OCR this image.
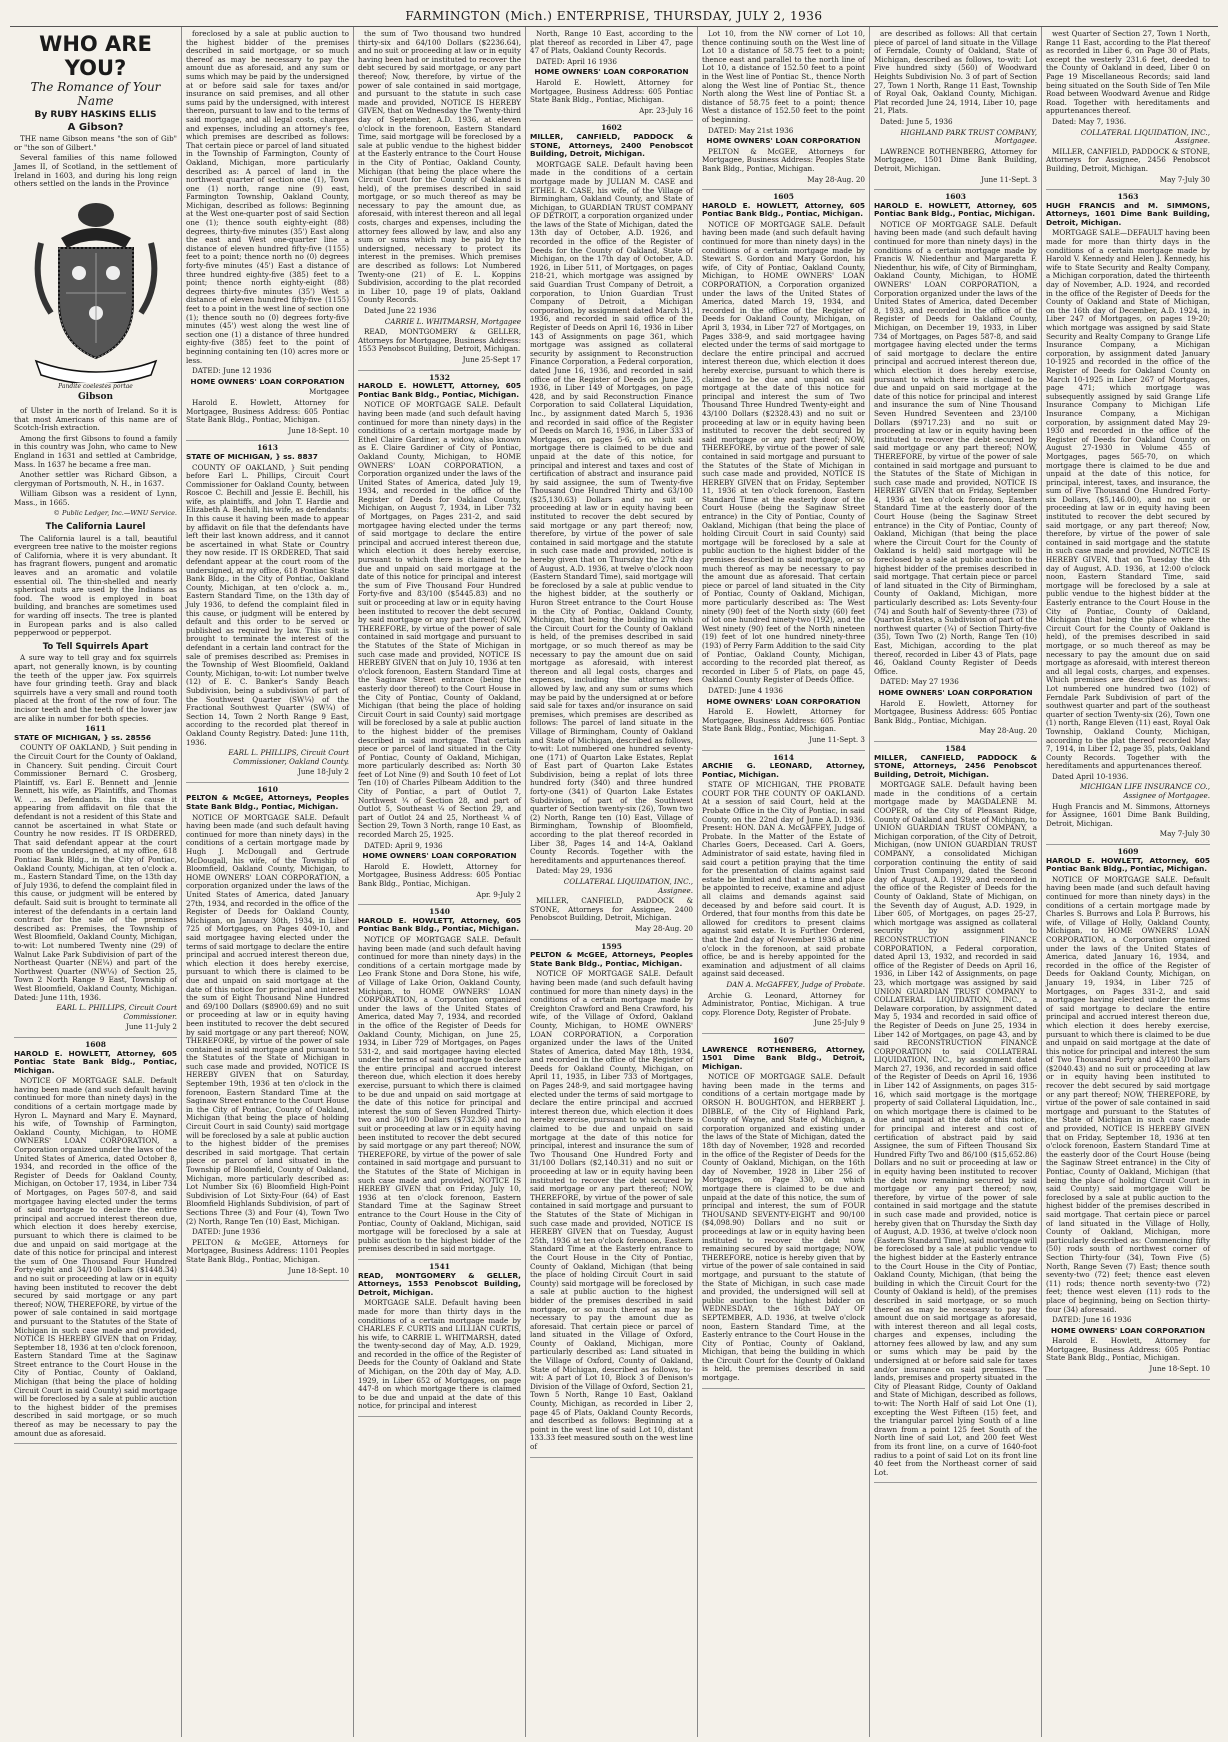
FARMINGTON (Mich.) ENTERPRISE, THURSDAY, JULY 2, 1936
WHO ARE YOU?
The Romance of Your Name
By RUBY HASKINS ELLIS
A Gibson?

THE name Gibson means "the son of Gib" or "the son of Gilbert."

Several families of this name followed James II, of Scotland, in the settlement of Ireland in 1603, and during his long reign others settled on the lands in the Province

Pandite coelestes portae
Gibson

of Ulster in the north of Ireland. So it is that most Americans of this name are of Scotch-Irish extraction.

Among the first Gibsons to found a family in this country was John, who came to New England in 1631 and settled at Cambridge, Mass. In 1637 he became a free man.

Another settler was Richard Gibson, a clergyman of Portsmouth, N. H., in 1637.

William Gibson was a resident of Lynn, Mass., in 1665.

© Public Ledger, Inc.—WNU Service.
The California Laurel

The California laurel is a tall, beautiful evergreen tree native to the moister regions of California, where it is very abundant. It has fragrant flowers, pungent and aromatic leaves and an aromatic and volatile essential oil. The thin-shelled and nearly spherical nuts are used by the Indians as food. The wood is employed in boat building, and branches are sometimes used for warding off insects. The tree is planted in European parks and is also called pepperwood or pepperpot.

To Tell Squirrels Apart

A sure way to tell gray and fox squirrels apart, not generally known, is by counting the teeth of the upper jaw. Fox squirrels have four grinding teeth. Gray and black squirrels have a very small and round tooth placed at the front of the row of four. The incisor teeth and the teeth of the lower jaw are alike in number for both species.

1611

STATE OF MICHIGAN, } ss. 28556

COUNTY OF OAKLAND, } Suit pending in the Circuit Court for the County of Oakland, in Chancery. Suit pending. Circuit Court Commissioner Bernard C. Grosberg, Plaintiff, vs. Earl E. Bennett and Jennie Bennett, his wife, as Plaintiffs, and Thomas W. ... as Defendants. In this cause it appearing from affidavit on file that the defendant is not a resident of this State and cannot be ascertained in what State or Country he now resides. IT IS ORDERED, That said defendant appear at the court room of the undersigned, at my office, 618 Pontiac Bank Bldg., in the City of Pontiac, Oakland County, Michigan, at ten o'clock a. m., Eastern Standard Time, on the 13th day of July 1936, to defend the complaint filed in this cause, or judgment will be entered by default. Said suit is brought to terminate all interest of the defendants in a certain land contract for the sale of the premises described as: Premises, the Township of West Bloomfield, Oakland County, Michigan, to-wit: Lot numbered Twenty nine (29) of Walnut Lake Park Subdivision of part of the Northeast Quarter (NE¼) and part of the Northwest Quarter (NW¼) of Section 25, Town 2 North Range 9 East, Township of West Bloomfield, Oakland County, Michigan. Dated: June 11th, 1936.

EARL L. PHILLIPS, Circuit Court Commissioner.

June 11-July 2

1608

HAROLD E. HOWLETT, Attorney, 605 Pontiac State Bank Bldg., Pontiac, Michigan.

NOTICE OF MORTGAGE SALE. Default having been made (and such default having continued for more than ninety days) in the conditions of a certain mortgage made by Hyron L. Maynard and Mary E. Maynard, his wife, of Township of Farmington, Oakland County, Michigan, to HOME OWNERS' LOAN CORPORATION, a Corporation organized under the laws of the United States of America, dated October 8, 1934, and recorded in the office of the Register of Deeds for Oakland County, Michigan, on October 17, 1934, in Liber 734 of Mortgages, on Pages 507-8, and said mortgagee having elected under the terms of said mortgage to declare the entire principal and accrued interest thereon due, which election it does hereby exercise, pursuant to which there is claimed to be due and unpaid on said mortgage at the date of this notice for principal and interest the sum of One Thousand Four Hundred Forty-eight and 34/100 Dollars ($1448.34) and no suit or proceeding at law or in equity having been instituted to recover the debt secured by said mortgage or any part thereof; NOW, THEREFORE, by virtue of the power of sale contained in said mortgage and pursuant to the Statutes of the State of Michigan in such case made and provided, NOTICE IS HEREBY GIVEN that on Friday, September 18, 1936 at ten o'clock forenoon, Eastern Standard Time at the Saginaw Street entrance to the Court House in the City of Pontiac, County of Oakland, Michigan (that being the place of holding Circuit Court in said County) said mortgage will be foreclosed by a sale at public auction to the highest bidder of the premises described in said mortgage, or so much thereof as may be necessary to pay the amount due as aforesaid.

foreclosed by a sale at public auction to the highest bidder of the premises described in said mortgage, or so much thereof as may be necessary to pay the amount due as aforesaid, and any sum or sums which may be paid by the undersigned at or before said sale for taxes and/or insurance on said premises, and all other sums paid by the undersigned, with interest thereon, pursuant to law and to the terms of said mortgage, and all legal costs, charges and expenses, including an attorney's fee, which premises are described as follows: That certain piece or parcel of land situated in the Township of Farmington, County of Oakland, Michigan, more particularly described as: A parcel of land in the northwest quarter of section one (1), Town one (1) north, range nine (9) east, Farmington Township, Oakland County, Michigan, described as follows: Beginning at the West one-quarter post of said Section one (1); thence south eighty-eight (88) degrees, thirty-five minutes (35') East along the east and West one-quarter line a distance of eleven hundred fifty-five (1155) feet to a point; thence north no (0) degrees forty-five minutes (45') East a distance of three hundred eighty-five (385) feet to a point; thence north eighty-eight (88) degrees thirty-five minutes (35') West a distance of eleven hundred fifty-five (1155) feet to a point in the west line of section one (1); thence south no (0) degrees forty-five minutes (45') west along the west line of section one (1) a distance of three hundred eighty-five (385) feet to the point of beginning containing ten (10) acres more or less.

DATED: June 12 1936

HOME OWNERS' LOAN CORPORATION

Mortgagee

Harold E. Howlett, Attorney for Mortgagee, Business Address: 605 Pontiac State Bank Bldg., Pontiac, Michigan.

June 18-Sept. 10

1613

STATE OF MICHIGAN, } ss. 8837

COUNTY OF OAKLAND, } Suit pending before Earl L. Phillips, Circuit Court Commissioner for Oakland County, between Roscoe C. Bechill and Jessie E. Bechill, his wife, as plaintiffs, and John T. Hardie and Elizabeth A. Bechill, his wife, as defendants: In this cause it having been made to appear by affidavit on file that the defendants have left their last known address, and it cannot be ascertained in what State or Country they now reside. IT IS ORDERED, That said defendant appear at the court room of the undersigned, at my office, 618 Pontiac State Bank Bldg., in the City of Pontiac, Oakland County, Michigan, at ten o'clock a. m., Eastern Standard Time, on the 13th day of July 1936, to defend the complaint filed in this cause, or judgment will be entered by default and this order to be served or published as required by law. This suit is brought to terminate the interest of the defendant in a certain land contract for the sale of premises described as: Premises in the Township of West Bloomfield, Oakland County, Michigan, to-wit: Lot number twelve (12) of E. C. Banker's Sandy Beach Subdivision, being a subdivision of part of the Southwest Quarter (SW¼) of the Fractional Southwest Quarter (SW¼) of Section 14, Town 2 North Range 9 East, according to the recorded plat thereof in Oakland County Registry. Dated: June 11th, 1936.

EARL L. PHILLIPS, Circuit Court Commissioner, Oakland County.

June 18-July 2

1610

PELTON & McGEE, Attorneys, Peoples State Bank Bldg., Pontiac, Michigan.

NOTICE OF MORTGAGE SALE. Default having been made (and such default having continued for more than ninety days) in the conditions of a certain mortgage made by Hugh J. McDougall and Gertrude McDougall, his wife, of the Township of Bloomfield, Oakland County, Michigan, to HOME OWNERS' LOAN CORPORATION, a corporation organized under the laws of the United States of America, dated January 27th, 1934, and recorded in the office of the Register of Deeds for Oakland County, Michigan, on January 30th, 1934, in Liber 725 of Mortgages, on Pages 409-10, and said mortgagee having elected under the terms of said mortgage to declare the entire principal and accrued interest thereon due, which election it does hereby exercise, pursuant to which there is claimed to be due and unpaid on said mortgage at the date of this notice for principal and interest the sum of Eight Thousand Nine Hundred and 69/100 Dollars ($8900.69) and no suit or proceeding at law or in equity having been instituted to recover the debt secured by said mortgage or any part thereof; NOW, THEREFORE, by virtue of the power of sale contained in said mortgage and pursuant to the Statutes of the State of Michigan in such case made and provided, NOTICE IS HEREBY GIVEN that on Saturday, September 19th, 1936 at ten o'clock in the forenoon, Eastern Standard Time at the Saginaw Street entrance to the Court House in the City of Pontiac, County of Oakland, Michigan (that being the place of holding Circuit Court in said County) said mortgage will be foreclosed by a sale at public auction to the highest bidder of the premises described in said mortgage. That certain piece or parcel of land situated in the Township of Bloomfield, County of Oakland, Michigan, more particularly described as: Lot Number Six (6) Bloomfield High-Point Subdivision of Lot Sixty-Four (64) of East Bloomfield Highlands Subdivision, of part of Sections Three (3) and Four (4), Town Two (2) North, Range Ten (10) East, Michigan.

DATED: June 1936

PELTON & McGEE, Attorneys for Mortgagee, Business Address: 1101 Peoples State Bank Bldg., Pontiac, Michigan.

June 18-Sept. 10

the sum of Two thousand two hundred thirty-six and 64/100 Dollars ($2236.64), and no suit or proceeding at law or in equity having been had or instituted to recover the debt secured by said mortgage, or any part thereof; Now, therefore, by virtue of the power of sale contained in said mortgage, and pursuant to the statute in such case made and provided, NOTICE IS HEREBY GIVEN, that on Wednesday the Twenty-third day of September, A.D. 1936, at eleven o'clock in the forenoon, Eastern Standard Time, said mortgage will be foreclosed by a sale at public vendue to the highest bidder at the Easterly entrance to the Court House in the City of Pontiac, Oakland County, Michigan (that being the place where the Circuit Court for the County of Oakland is held), of the premises described in said mortgage, or so much thereof as may be necessary to pay the amount due, as aforesaid, with interest thereon and all legal costs, charges and expenses, including the attorney fees allowed by law, and also any sum or sums which may be paid by the undersigned, necessary to protect its interest in the premises. Which premises are described as follows: Lot Numbered Twenty-one (21) of E. L. Koppins Subdivision, according to the plat recorded in Liber 10, page 19 of plats, Oakland County Records.

Dated June 22 1936

CARRIE L. WHITMARSH, Mortgagee

READ, MONTGOMERY & GELLER, Attorneys for Mortgagee, Business Address: 1553 Penobscot Building, Detroit, Michigan.

June 25-Sept 17

1532

HAROLD E. HOWLETT, Attorney, 605 Pontiac Bank Bldg., Pontiac, Michigan.

NOTICE OF MORTGAGE SALE. Default having been made (and such default having continued for more than ninety days) in the conditions of a certain mortgage made by Ethel Claire Gardiner, a widow, also known as E. Claire Gardiner of City of Pontiac, Oakland County, Michigan, to HOME OWNERS' LOAN CORPORATION, a Corporation organized under the laws of the United States of America, dated July 19, 1934, and recorded in the office of the Register of Deeds for Oakland County, Michigan, on August 7, 1934, in Liber 732 of Mortgages, on Pages 231-2, and said mortgagee having elected under the terms of said mortgage to declare the entire principal and accrued interest thereon due, which election it does hereby exercise, pursuant to which there is claimed to be due and unpaid on said mortgage at the date of this notice for principal and interest the sum of Five Thousand Four Hundred Forty-five and 83/100 ($5445.83) and no suit or proceeding at law or in equity having been instituted to recover the debt secured by said mortgage or any part thereof; NOW, THEREFORE, by virtue of the power of sale contained in said mortgage and pursuant to the Statutes of the State of Michigan in such case made and provided, NOTICE IS HEREBY GIVEN that on July 10, 1936 at ten o'clock forenoon, Eastern Standard Time at the Saginaw Street entrance (being the easterly door thereof) to the Court House in the City of Pontiac, County of Oakland, Michigan (that being the place of holding Circuit Court in said County) said mortgage will be foreclosed by a sale at public auction to the highest bidder of the premises described in said mortgage. That certain piece or parcel of land situated in the City of Pontiac, County of Oakland, Michigan, more particularly described as: North 30 feet of Lot Nine (9) and South 10 feet of Lot Ten (10) of Charles Pilbeam Addition to the City of Pontiac, a part of Outlot 7, Northwest ¼ of Section 28, and part of Outlot 5, Southeast ¼ of Section 29, and part of Outlot 24 and 25, Northeast ¼ of Section 29, Town 3 North, range 10 East, as recorded March 25, 1925.

DATED: April 9, 1936

HOME OWNERS' LOAN CORPORATION

Harold E. Howlett, Attorney for Mortgagee, Business Address: 605 Pontiac Bank Bldg., Pontiac, Michigan.

Apr. 9-July 2

1540

HAROLD E. HOWLETT, Attorney, 605 Pontiac Bank Bldg., Pontiac, Michigan.

NOTICE OF MORTGAGE SALE. Default having been made (and such default having continued for more than ninety days) in the conditions of a certain mortgage made by Leo Frank Stone and Dora Stone, his wife, of Village of Lake Orion, Oakland County, Michigan, to HOME OWNERS' LOAN CORPORATION, a Corporation organized under the laws of the United States of America, dated May 7, 1934, and recorded in the office of the Register of Deeds for Oakland County, Michigan, on June 25, 1934, in Liber 729 of Mortgages, on Pages 531-2, and said mortgagee having elected under the terms of said mortgage to declare the entire principal and accrued interest thereon due, which election it does hereby exercise, pursuant to which there is claimed to be due and unpaid on said mortgage at the date of this notice for principal and interest the sum of Seven Hundred Thirty-two and 36/100 Dollars ($732.36) and no suit or proceeding at law or in equity having been instituted to recover the debt secured by said mortgage or any part thereof; NOW, THEREFORE, by virtue of the power of sale contained in said mortgage and pursuant to the Statutes of the State of Michigan in such case made and provided, NOTICE IS HEREBY GIVEN that on Friday, July 10, 1936 at ten o'clock forenoon, Eastern Standard Time at the Saginaw Street entrance to the Court House in the City of Pontiac, County of Oakland, Michigan, said mortgage will be foreclosed by a sale at public auction to the highest bidder of the premises described in said mortgage.

1541

READ, MONTGOMERY & GELLER, Attorneys, 1553 Penobscot Building, Detroit, Michigan.

MORTGAGE SALE. Default having been made for more than thirty days in the conditions of a certain mortgage made by CHARLES F. CURTIS and LILLIAN CURTIS, his wife, to CARRIE L. WHITMARSH, dated the twenty-second day of May, A.D. 1929, and recorded in the office of the Register of Deeds for the County of Oakland and State of Michigan, on the 20th day of May, A.D. 1929, in Liber 652 of Mortgages, on page 447-8 on which mortgage there is claimed to be due and unpaid at the date of this notice, for principal and interest

North, Range 10 East, according to the plat thereof as recorded in Liber 47, page 47 of Plats, Oakland County Records.

DATED: April 16 1936

HOME OWNERS' LOAN CORPORATION

Harold E. Howlett, Attorney for Mortgagee, Business Address: 605 Pontiac State Bank Bldg., Pontiac, Michigan.

Apr. 23-July 16

1602

MILLER, CANFIELD, PADDOCK & STONE, Attorneys, 2400 Penobscot Building, Detroit, Michigan.

MORTGAGE SALE. Default having been made in the conditions of a certain mortgage made by JULIAN M. CASE and ETHEL R. CASE, his wife, of the Village of Birmingham, Oakland County, and State of Michigan, to GUARDIAN TRUST COMPANY OF DETROIT, a corporation organized under the laws of the State of Michigan, dated the 13th day of October, A.D. 1926, and recorded in the office of the Register of Deeds for the County of Oakland, State of Michigan, on the 17th day of October, A.D. 1926, in Liber 511, of Mortgages, on pages 218-21, which mortgage was assigned by said Guardian Trust Company of Detroit, a corporation, to Union Guardian Trust Company of Detroit, a Michigan corporation, by assignment dated March 31, 1936, and recorded in said office of the Register of Deeds on April 16, 1936 in Liber 143 of Assignments on page 361, which mortgage was assigned as collateral security by assignment to Reconstruction Finance Corporation, a Federal corporation, dated June 16, 1936, and recorded in said office of the Register of Deeds on June 25, 1936, in Liber 149 of Mortgages, on page 428, and by said Reconstruction Finance Corporation to said Collateral Liquidation, Inc., by assignment dated March 5, 1936 and recorded in said office of the Register of Deeds on March 16, 1936, in Liber 333 of Mortgages, on pages 5-6, on which said mortgage there is claimed to be due and unpaid at the date of this notice, for principal and interest and taxes and cost of certification of abstract and insurance paid by said assignee, the sum of Twenty-five Thousand One Hundred Thirty and 63/100 ($25,130.63) Dollars and no suit or proceeding at law or in equity having been instituted to recover the debt secured by said mortgage or any part thereof; now, therefore, by virtue of the power of sale contained in said mortgage and the statute in such case made and provided, notice is hereby given that on Thursday the 27th day of August, A.D. 1936, at twelve o'clock noon (Eastern Standard Time), said mortgage will be foreclosed by a sale at public vendue to the highest bidder, at the southerly or Huron Street entrance to the Court House in the City of Pontiac, Oakland County, Michigan, that being the building in which the Circuit Court for the County of Oakland is held, of the premises described in said mortgage, or so much thereof as may be necessary to pay the amount due on said mortgage as aforesaid, with interest thereon and all legal costs, charges and expenses, including the attorney fees allowed by law, and any sum or sums which may be paid by the undersigned at or before said sale for taxes and/or insurance on said premises, which premises are described as follows: The parcel of land situate in the Village of Birmingham, County of Oakland and State of Michigan, described as follows, to-wit: Lot numbered one hundred seventy-one (171) of Quarton Lake Estates, Replat of East part of Quarton Lake Estates Subdivision, being a replat of lots three hundred forty (340) and three hundred forty-one (341) of Quarton Lake Estates Subdivision, of part of the Southwest quarter of Section twenty-six (26), Town two (2) North, Range ten (10) East, Village of Birmingham, Township of Bloomfield, according to the plat thereof recorded in Liber 38, Pages 14 and 14-A, Oakland County Records. Together with the hereditaments and appurtenances thereof.

Dated: May 29, 1936

COLLATERAL LIQUIDATION, INC., Assignee.

MILLER, CANFIELD, PADDOCK & STONE, Attorneys for Assignee, 2400 Penobscot Building, Detroit, Michigan.

May 28-Aug. 20

1595

PELTON & McGEE, Attorneys, Peoples State Bank Bldg., Pontiac, Michigan.

NOTICE OF MORTGAGE SALE. Default having been made (and such default having continued for more than ninety days) in the conditions of a certain mortgage made by Creighton Crawford and Bena Crawford, his wife, of the Village of Oxford, Oakland County, Michigan, to HOME OWNERS' LOAN CORPORATION, a Corporation organized under the laws of the United States of America, dated May 18th, 1934, and recorded in the office of the Register of Deeds for Oakland County, Michigan, on April 11, 1935, in Liber 733 of Mortgages, on Pages 248-9, and said mortgagee having elected under the terms of said mortgage to declare the entire principal and accrued interest thereon due, which election it does hereby exercise, pursuant to which there is claimed to be due and unpaid on said mortgage at the date of this notice for principal, interest and insurance the sum of Two Thousand One Hundred Forty and 31/100 Dollars ($2,140.31) and no suit or proceeding at law or in equity having been instituted to recover the debt secured by said mortgage or any part thereof; NOW, THEREFORE, by virtue of the power of sale contained in said mortgage and pursuant to the Statutes of the State of Michigan in such case made and provided, NOTICE IS HEREBY GIVEN that on Tuesday, August 25th, 1936 at ten o'clock forenoon, Eastern Standard Time at the Easterly entrance to the Court House in the City of Pontiac, County of Oakland, Michigan (that being the place of holding Circuit Court in said County) said mortgage will be foreclosed by a sale at public auction to the highest bidder of the premises described in said mortgage, or so much thereof as may be necessary to pay the amount due as aforesaid. That certain piece or parcel of land situated in the Village of Oxford, County of Oakland, Michigan, more particularly described as: Land situated in the Village of Oxford, County of Oakland, State of Michigan, described as follows, to-wit: A part of Lot 10, Block 3 of Denison's Division of the Village of Oxford, Section 21, Town 5 North, Range 10 East, Oakland County, Michigan, as recorded in Liber 2, page 45 of Plats, Oakland County Records, and described as follows: Beginning at a point in the west line of said Lot 10, distant 133.33 feet measured south on the west line of

Lot 10, from the NW corner of Lot 10, thence continuing south on the West line of Lot 10 a distance of 58.75 feet to a point; thence east and parallel to the north line of Lot 10, a distance of 152.50 feet to a point in the West line of Pontiac St., thence North along the West line of Pontiac St., thence North along the West line of Pontiac St. a distance of 58.75 feet to a point; thence West a distance of 152.50 feet to the point of beginning.

DATED: May 21st 1936

HOME OWNERS' LOAN CORPORATION

PELTON & McGEE, Attorneys for Mortgagee, Business Address: Peoples State Bank Bldg., Pontiac, Michigan.

May 28-Aug. 20

1605

HAROLD E. HOWLETT, Attorney, 605 Pontiac Bank Bldg., Pontiac, Michigan.

NOTICE OF MORTGAGE SALE. Default having been made (and such default having continued for more than ninety days) in the conditions of a certain mortgage made by Stewart S. Gordon and Mary Gordon, his wife, of City of Pontiac, Oakland County, Michigan, to HOME OWNERS' LOAN CORPORATION, a Corporation organized under the laws of the United States of America, dated March 19, 1934, and recorded in the office of the Register of Deeds for Oakland County, Michigan, on April 3, 1934, in Liber 727 of Mortgages, on Pages 338-9, and said mortgagee having elected under the terms of said mortgage to declare the entire principal and accrued interest thereon due, which election it does hereby exercise, pursuant to which there is claimed to be due and unpaid on said mortgage at the date of this notice for principal and interest the sum of Two Thousand Three Hundred Twenty-eight and 43/100 Dollars ($2328.43) and no suit or proceeding at law or in equity having been instituted to recover the debt secured by said mortgage or any part thereof; NOW, THEREFORE, by virtue of the power of sale contained in said mortgage and pursuant to the Statutes of the State of Michigan in such case made and provided, NOTICE IS HEREBY GIVEN that on Friday, September 11, 1936 at ten o'clock forenoon, Eastern Standard Time at the easterly door of the Court House (being the Saginaw Street entrance) in the City of Pontiac, County of Oakland, Michigan (that being the place of holding Circuit Court in said County) said mortgage will be foreclosed by a sale at public auction to the highest bidder of the premises described in said mortgage, or so much thereof as may be necessary to pay the amount due as aforesaid. That certain piece or parcel of land situated in the City of Pontiac, County of Oakland, Michigan, more particularly described as: The West ninety (90) feet of the North sixty (60) feet of lot one hundred ninety-two (192), and the West ninety (90) feet of the North nineteen (19) feet of lot one hundred ninety-three (193) of Perry Farm Addition to the said City of Pontiac, Oakland County, Michigan, according to the recorded plat thereof, as recorded in Liber 5 of Plats, on page 45, Oakland County Register of Deeds Office.

DATED: June 4 1936

HOME OWNERS' LOAN CORPORATION

Harold E. Howlett, Attorney for Mortgagee, Business Address: 605 Pontiac State Bank Bldg., Pontiac, Michigan.

June 11-Sept. 3

1614

ARCHIE G. LEONARD, Attorney, Pontiac, Michigan.

STATE OF MICHIGAN, THE PROBATE COURT FOR THE COUNTY OF OAKLAND. At a session of said Court, held at the Probate Office in the City of Pontiac, in said County, on the 22nd day of June A.D. 1936. Present: HON. DAN A. McGAFFEY, Judge of Probate. In the Matter of the Estate of Charles Goers, Deceased. Carl A. Goers, Administrator of said estate, having filed in said court a petition praying that the time for the presentation of claims against said estate be limited and that a time and place be appointed to receive, examine and adjust all claims and demands against said deceased by and before said court. It is Ordered, that four months from this date be allowed for creditors to present claims against said estate. It is Further Ordered, that the 2nd day of November 1936 at nine o'clock in the forenoon, at said probate office, be and is hereby appointed for the examination and adjustment of all claims against said deceased.

DAN A. McGAFFEY, Judge of Probate.

Archie G. Leonard, Attorney for Administrator, Pontiac, Michigan. A true copy. Florence Doty, Register of Probate.

June 25-July 9

1607

LAWRENCE ROTHENBERG, Attorney, 1501 Dime Bank Bldg., Detroit, Michigan.

NOTICE OF MORTGAGE SALE. Default having been made in the terms and conditions of a certain mortgage made by ORSON H. BOUGHTON, and HERBERT J. DIBBLE, of the City of Highland Park, County of Wayne, and State of Michigan, a corporation organized and existing under the laws of the State of Michigan, dated the 18th day of November, 1928 and recorded in the office of the Register of Deeds for the County of Oakland, Michigan, on the 16th day of November, 1928 in Liber 256 of Mortgages, on Page 330, on which mortgage there is claimed to be due and unpaid at the date of this notice, the sum of principal and interest, the sum of FOUR THOUSAND SEVENTY-EIGHT and 90/100 ($4,098.90) Dollars and no suit or proceedings at law or in equity having been instituted to recover the debt now remaining secured by said mortgage; NOW, THEREFORE, notice is hereby given that by virtue of the power of sale contained in said mortgage, and pursuant to the statute of the State of Michigan, in such case made and provided, the undersigned will sell at public auction to the highest bidder on WEDNESDAY, the 16th DAY OF SEPTEMBER, A.D. 1936, at twelve o'clock noon, Eastern Standard Time, at the Easterly entrance to the Court House in the City of Pontiac, County of Oakland, Michigan, that being the building in which the Circuit Court for the County of Oakland is held, the premises described in said mortgage.

are described as follows: All that certain piece of parcel of land situate in the Village of Ferndale, County of Oakland, State of Michigan, described as follows, to-wit: Lot Five hundred sixty (560) of Woodward Heights Subdivision No. 3 of part of Section 27, Town 1 North, Range 11 East, Township of Royal Oak, Oakland County, Michigan. Plat recorded June 24, 1914, Liber 10, page 21, Plats.

Dated: June 5, 1936

HIGHLAND PARK TRUST COMPANY, Mortgagee.

LAWRENCE ROTHENBERG, Attorney for Mortgagee, 1501 Dime Bank Building, Detroit, Michigan.

June 11-Sept. 3

1603

HAROLD E. HOWLETT, Attorney, 605 Pontiac Bank Bldg., Pontiac, Michigan.

NOTICE OF MORTGAGE SALE. Default having been made (and such default having continued for more than ninety days) in the conditions of a certain mortgage made by Francis W. Niedenthur and Margaretta F. Niedenthur, his wife, of City of Birmingham, Oakland County, Michigan, to HOME OWNERS' LOAN CORPORATION, a Corporation organized under the laws of the United States of America, dated December 8, 1933, and recorded in the office of the Register of Deeds for Oakland County, Michigan, on December 19, 1933, in Liber 734 of Mortgages, on Pages 587-8, and said mortgagee having elected under the terms of said mortgage to declare the entire principal and accrued interest thereon due, which election it does hereby exercise, pursuant to which there is claimed to be due and unpaid on said mortgage at the date of this notice for principal and interest and insurance the sum of Nine Thousand Seven Hundred Seventeen and 23/100 Dollars ($9717.23) and no suit or proceeding at law or in equity having been instituted to recover the debt secured by said mortgage or any part thereof; NOW, THEREFORE, by virtue of the power of sale contained in said mortgage and pursuant to the Statutes of the State of Michigan in such case made and provided, NOTICE IS HEREBY GIVEN that on Friday, September 4, 1936 at ten o'clock forenoon, Eastern Standard Time at the easterly door of the Court House (being the Saginaw Street entrance) in the City of Pontiac, County of Oakland, Michigan (that being the place where the Circuit Court for the County of Oakland is held) said mortgage will be foreclosed by a sale at public auction to the highest bidder of the premises described in said mortgage. That certain piece or parcel of land situated in the City of Birmingham, County of Oakland, Michigan, more particularly described as: Lots Seventy-four (74) and South half of Seventy-three (73) of Quarton Estates, a Subdivision of part of the northwest quarter (¼) of Section Thirty-five (35), Town Two (2) North, Range Ten (10) East, Michigan, according to the plat thereof, recorded in Liber 43 of Plats, page 46, Oakland County Register of Deeds Office.

DATED: May 27 1936

HOME OWNERS' LOAN CORPORATION

Harold E. Howlett, Attorney for Mortgagee, Business Address: 605 Pontiac Bank Bldg., Pontiac, Michigan.

May 28-Aug. 20

1584

MILLER, CANFIELD, PADDOCK & STONE, Attorneys, 2456 Penobscot Building, Detroit, Michigan.

MORTGAGE SALE. Default having been made in the conditions of a certain mortgage made by MAGDALENE M. COOPER, of the City of Pleasant Ridge, County of Oakland and State of Michigan, to UNION GUARDIAN TRUST COMPANY, a Michigan corporation, of the City of Detroit, Michigan, (now UNION GUARDIAN TRUST COMPANY, a consolidated Michigan corporation continuing the entity of said Union Trust Company), dated the Second day of August, A.D. 1929, and recorded in the office of the Register of Deeds for the County of Oakland, State of Michigan, on the Seventh day of August, A.D. 1929, in Liber 605, of Mortgages, on pages 25-27, which mortgage was assigned as collateral security by assignment to RECONSTRUCTION FINANCE CORPORATION, a Federal corporation, dated April 13, 1932, and recorded in said office of the Register of Deeds on April 16, 1936, in Liber 142 of Assignments, on page 23, which mortgage was assigned by said UNION GUARDIAN TRUST COMPANY to COLLATERAL LIQUIDATION, INC., a Delaware corporation, by assignment dated May 5, 1934 and recorded in said office of the Register of Deeds on June 25, 1934 in Liber 142 of Mortgages, on page 43, and by said RECONSTRUCTION FINANCE CORPORATION to said COLLATERAL LIQUIDATION, INC., by assignment dated March 27, 1936, and recorded in said office of the Register of Deeds on April 16, 1936 in Liber 142 of Assignments, on pages 315-16, which said mortgage is the mortgage property of said Collateral Liquidation, Inc., on which mortgage there is claimed to be due and unpaid at the date of this notice, for principal and interest and cost of certification of abstract paid by said Assignee, the sum of Fifteen Thousand Six Hundred Fifty Two and 86/100 ($15,652.86) Dollars and no suit or proceeding at law or in equity having been instituted to recover the debt now remaining secured by said mortgage or any part thereof; now, therefore, by virtue of the power of sale contained in said mortgage and the statute in such case made and provided, notice is hereby given that on Thursday the Sixth day of August, A.D. 1936, at twelve o'clock noon (Eastern Standard Time), said mortgage will be foreclosed by a sale at public vendue to the highest bidder at the Easterly entrance to the Court House in the City of Pontiac, Oakland County, Michigan, (that being the building in which the Circuit Court for the County of Oakland is held), of the premises described in said mortgage, or so much thereof as may be necessary to pay the amount due on said mortgage as aforesaid, with interest thereon and all legal costs, charges and expenses, including the attorney fees allowed by law, and any sum or sums which may be paid by the undersigned at or before said sale for taxes and/or insurance on said premises. The lands, premises and property situated in the City of Pleasant Ridge, County of Oakland and State of Michigan, described as follows, to-wit: The North Half of said Lot One (1), excepting the West Fifteen (15) feet, and the triangular parcel lying South of a line drawn from a point 125 feet South of the North line of said Lot, and 200 feet West from its front line, on a curve of 1640-foot radius to a point of said Lot on its front line 40 feet from the Northeast corner of said Lot.

west Quarter of Section 27, Town 1 North, Range 11 East, according to the Plat thereof as recorded in Liber 6, on Page 30 of Plats, except the westerly 231.6 feet, deeded to the County of Oakland in deed, Liber 0 on Page 19 Miscellaneous Records; said land being situated on the South Side of Ten Mile Road between Woodward Avenue and Ridge Road. Together with hereditaments and appurtenances thereof.

Dated: May 7, 1936.

COLLATERAL LIQUIDATION, INC., Assignee.

MILLER, CANFIELD, PADDOCK & STONE, Attorneys for Assignee, 2456 Penobscot Building, Detroit, Michigan.

May 7-July 30

1563

HUGH FRANCIS and M. SIMMONS, Attorneys, 1601 Dime Bank Building, Detroit, Michigan.

MORTGAGE SALE—DEFAULT having been made for more than thirty days in the conditions of a certain mortgage made by Harold V. Kennedy and Helen J. Kennedy, his wife to State Security and Realty Company, a Michigan corporation, dated the thirteenth day of November, A.D. 1924, and recorded in the office of the Register of Deeds for the County of Oakland and State of Michigan, on the 16th day of December, A.D. 1924, in Liber 247 of Mortgages, on pages 19-20; which mortgage was assigned by said State Security and Realty Company to Grange Life Insurance Company, a Michigan corporation, by assignment dated January 10-1925 and recorded in the office of the Register of Deeds for Oakland County on March 10-1925 in Liber 267 of Mortgages, page 471; which mortgage was subsequently assigned by said Grange Life Insurance Company to Michigan Life Insurance Company, a Michigan corporation, by assignment dated May 29-1930 and recorded in the office of the Register of Deeds for Oakland County on August 27-1930 in Volume 455 of Mortgages, pages 565-70, on which mortgage there is claimed to be due and unpaid at the date of this notice, for principal, interest, taxes, and insurance, the sum of Five Thousand One Hundred Forty-six Dollars, ($5,146.00), and no suit or proceeding at law or in equity having been instituted to recover the debt secured by said mortgage, or any part thereof; Now, therefore, by virtue of the power of sale contained in said mortgage and the statute in such case made and provided, NOTICE IS HEREBY GIVEN, that on Tuesday the 4th day of August, A.D. 1936, at 12:00 o'clock noon, Eastern Standard Time, said mortgage will be foreclosed by a sale at public vendue to the highest bidder at the Easterly entrance to the Court House in the City of Pontiac, County of Oakland, Michigan (that being the place where the Circuit Court for the County of Oakland is held), of the premises described in said mortgage, or so much thereof as may be necessary to pay the amount due on said mortgage as aforesaid, with interest thereon and all legal costs, charges, and expenses. Which premises are described as follows: Lot numbered one hundred two (102) of Ferndale Park Subdivision of part of the southwest quarter and part of the southeast quarter of section Twenty-six (26), Town one (1) north, Range Eleven (11) east, Royal Oak Township, Oakland County, Michigan, according to the plat thereof recorded May 7, 1914, in Liber 12, page 35, plats, Oakland County Records. Together with the hereditaments and appurtenances thereof.

Dated April 10-1936.

MICHIGAN LIFE INSURANCE CO., Assignee of Mortgagee.

Hugh Francis and M. Simmons, Attorneys for Assignee, 1601 Dime Bank Building, Detroit, Michigan.

May 7-July 30

1609

HAROLD E. HOWLETT, Attorney, 605 Pontiac Bank Bldg., Pontiac, Michigan.

NOTICE OF MORTGAGE SALE. Default having been made (and such default having continued for more than ninety days) in the conditions of a certain mortgage made by Charles S. Burrows and Lola P. Burrows, his wife, of Village of Holly, Oakland County, Michigan, to HOME OWNERS' LOAN CORPORATION, a Corporation organized under the laws of the United States of America, dated January 16, 1934, and recorded in the office of the Register of Deeds for Oakland County, Michigan, on January 19, 1934, in Liber 725 of Mortgages, on Pages 331-2, and said mortgagee having elected under the terms of said mortgage to declare the entire principal and accrued interest thereon due, which election it does hereby exercise, pursuant to which there is claimed to be due and unpaid on said mortgage at the date of this notice for principal and interest the sum of Two Thousand Forty and 43/100 Dollars ($2040.43) and no suit or proceeding at law or in equity having been instituted to recover the debt secured by said mortgage or any part thereof; NOW, THEREFORE, by virtue of the power of sale contained in said mortgage and pursuant to the Statutes of the State of Michigan in such case made and provided, NOTICE IS HEREBY GIVEN that on Friday, September 18, 1936 at ten o'clock forenoon, Eastern Standard Time at the easterly door of the Court House (being the Saginaw Street entrance) in the City of Pontiac, County of Oakland, Michigan (that being the place of holding Circuit Court in said County) said mortgage will be foreclosed by a sale at public auction to the highest bidder of the premises described in said mortgage. That certain piece or parcel of land situated in the Village of Holly, County of Oakland, Michigan, more particularly described as: Commencing fifty (50) rods south of northwest corner of Section Thirty-four (34), Town Five (5) North, Range Seven (7) East; thence south seventy-two (72) feet; thence east eleven (11) rods; thence north seventy-two (72) feet; thence west eleven (11) rods to the place of beginning, being on Section thirty-four (34) aforesaid.

DATED: June 16 1936

HOME OWNERS' LOAN CORPORATION

Harold E. Howlett, Attorney for Mortgagee, Business Address: 605 Pontiac State Bank Bldg., Pontiac, Michigan.

June 18-Sept. 10
